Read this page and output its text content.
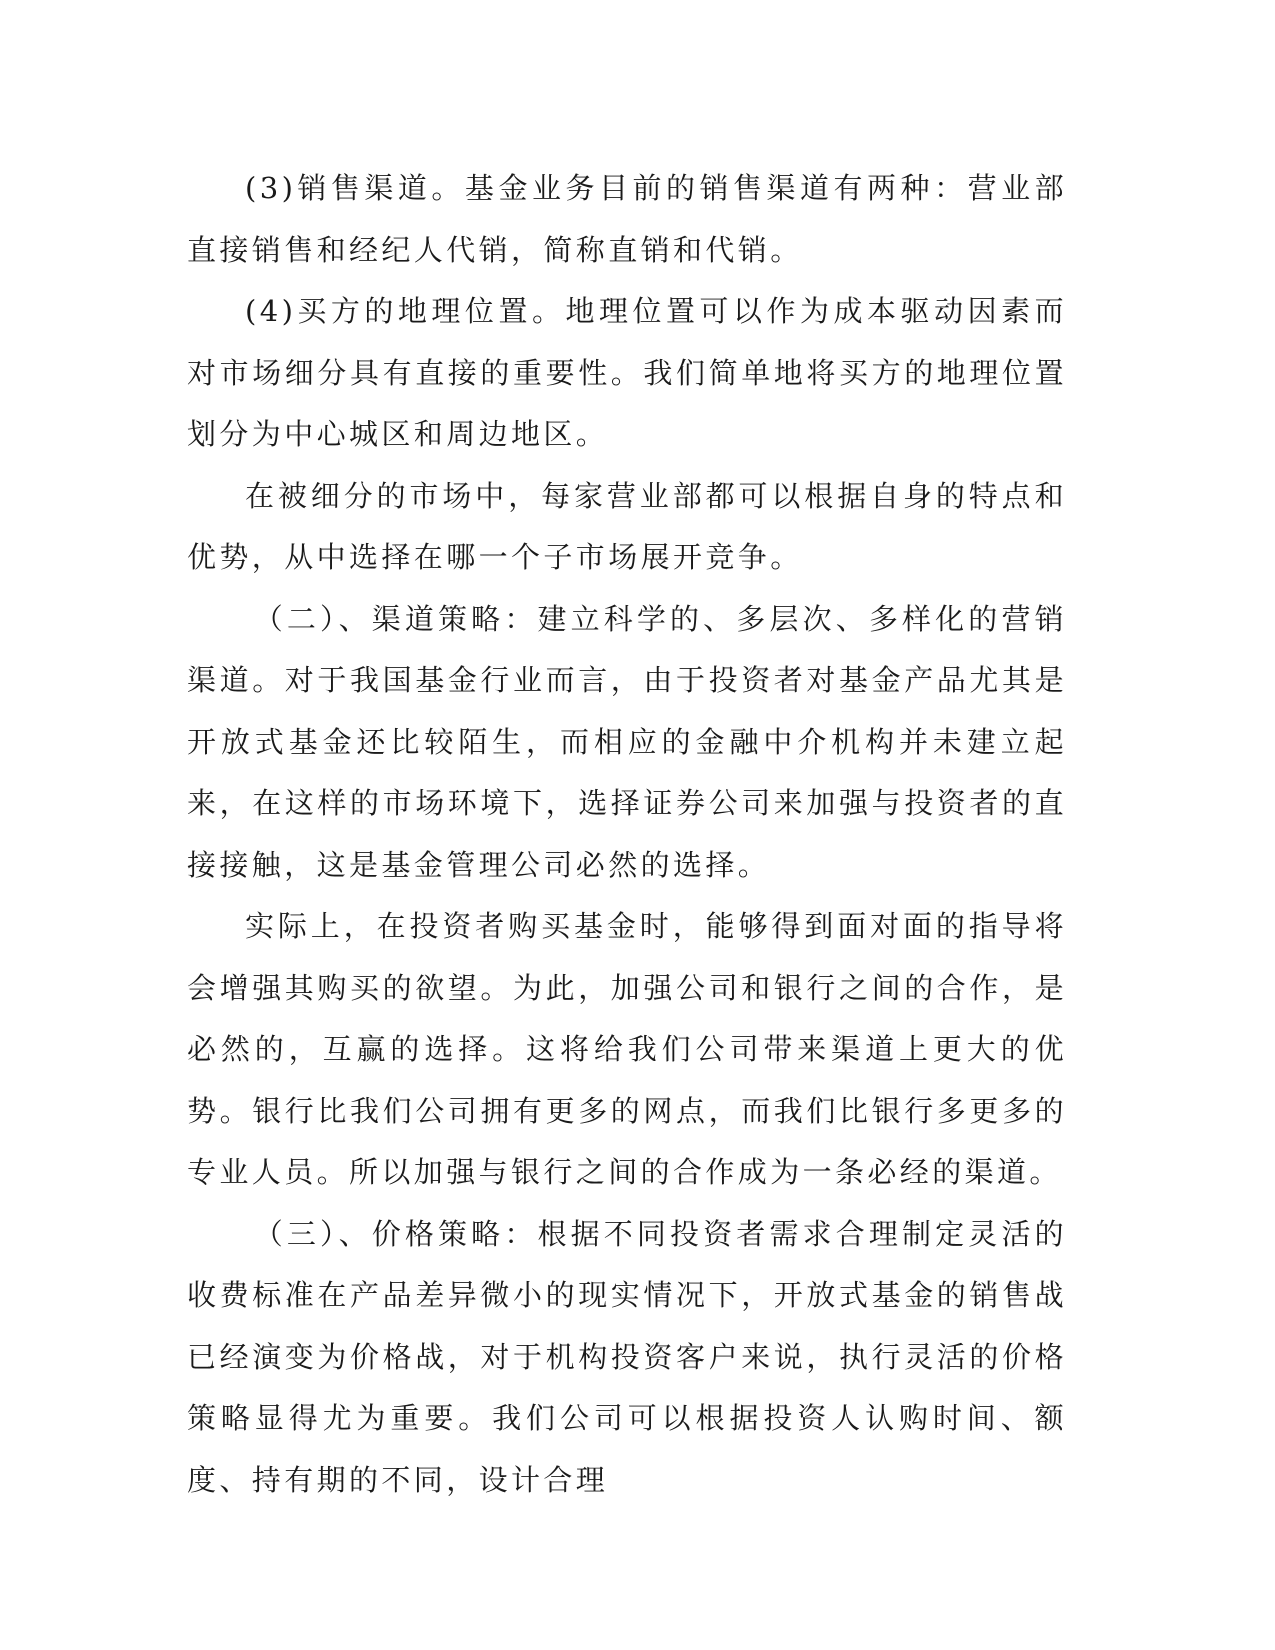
(3)销售渠道。基金业务目前的销售渠道有两种：营业部直接销售和经纪人代销，简称直销和代销。

(4)买方的地理位置。地理位置可以作为成本驱动因素而对市场细分具有直接的重要性。我们简单地将买方的地理位置划分为中心城区和周边地区。

在被细分的市场中，每家营业部都可以根据自身的特点和优势，从中选择在哪一个子市场展开竞争。

（二）、渠道策略：建立科学的、多层次、多样化的营销渠道。对于我国基金行业而言，由于投资者对基金产品尤其是开放式基金还比较陌生，而相应的金融中介机构并未建立起来，在这样的市场环境下，选择证券公司来加强与投资者的直接接触，这是基金管理公司必然的选择。

实际上，在投资者购买基金时，能够得到面对面的指导将会增强其购买的欲望。为此，加强公司和银行之间的合作，是必然的，互赢的选择。这将给我们公司带来渠道上更大的优势。银行比我们公司拥有更多的网点，而我们比银行多更多的专业人员。所以加强与银行之间的合作成为一条必经的渠道。

（三）、价格策略：根据不同投资者需求合理制定灵活的收费标准在产品差异微小的现实情况下，开放式基金的销售战已经演变为价格战，对于机构投资客户来说，执行灵活的价格策略显得尤为重要。我们公司可以根据投资人认购时间、额度、持有期的不同，设计合理
